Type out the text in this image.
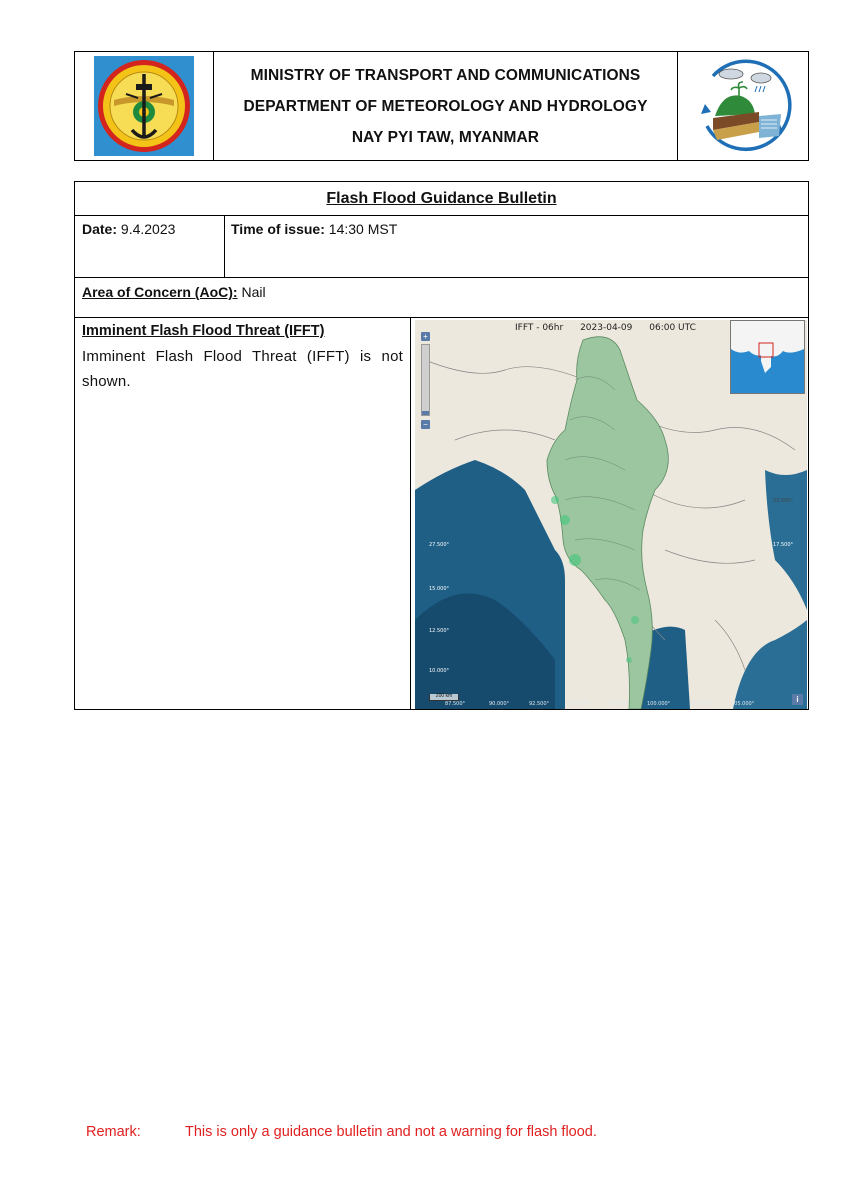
MINISTRY OF TRANSPORT AND COMMUNICATIONS
DEPARTMENT OF METEOROLOGY AND HYDROLOGY
NAY PYI TAW, MYANMAR
Flash Flood Guidance Bulletin
Date: 9.4.2023	Time of issue: 14:30 MST
Area of Concern (AoC): Nail
Imminent Flash Flood Threat (IFFT)
Imminent Flash Flood Threat (IFFT) is not shown.
IFFT - 06hr 2023-04-09 06:00 UTC
+
−
27.500°
15.000°
12.500°
10.000°
22.500°
17.500°
87.500°	90.000°	92.500°	95.000°	97.500°	100.000°	102.500°	105.000°
200 km	i
Remark:	This is only a guidance bulletin and not a warning for flash flood.
